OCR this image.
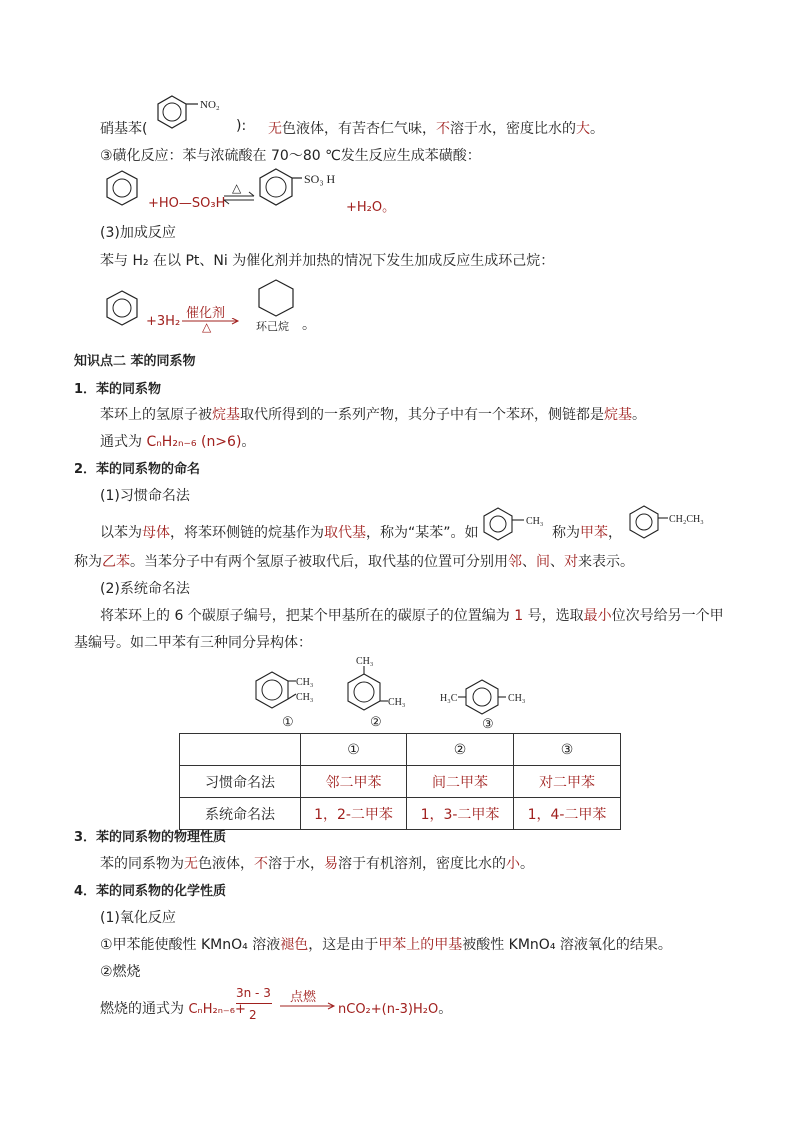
NO₂
硝基苯(	): 无色液体，有苦杏仁气味，不溶于水，密度比水的大。
③磺化反应：苯与浓硫酸在 70～80 ℃发生反应生成苯磺酸：
+HO—SO₃H
△
SO₃ H
+H₂O。
(3)加成反应
苯与 H₂ 在以 Pt、Ni 为催化剂并加热的情况下发生加成反应生成环己烷：
+3H₂
催化剂
△	环己烷 。
知识点二 苯的同系物
1．苯的同系物
苯环上的氢原子被烷基取代所得到的一系列产物，其分子中有一个苯环，侧链都是烷基。
通式为 CₙH₂ₙ₋₆ (n>6)。
2．苯的同系物的命名
(1)习惯命名法
以苯为母体，将苯环侧链的烷基作为取代基，称为“某苯”。如
CH₃
称为甲苯，
CH₂CH₃
称为乙苯。当苯分子中有两个氢原子被取代后，取代基的位置可分别用邻、间、对来表示。
(2)系统命名法
将苯环上的 6 个碳原子编号，把某个甲基所在的碳原子的位置编为 1 号，选取最小位次号给另一个甲
基编号。如二甲苯有三种同分异构体：
CH₃
CH₃
①
CH₃
CH₃
②
H₃C	CH₃
③
	①	②	③
习惯命名法	邻二甲苯	间二甲苯	对二甲苯
系统命名法	1，2-二甲苯	1，3-二甲苯	1，4-二甲苯
3．苯的同系物的物理性质
苯的同系物为无色液体，不溶于水，易溶于有机溶剂，密度比水的小。
4．苯的同系物的化学性质
(1)氧化反应
①甲苯能使酸性 KMnO₄ 溶液褪色，这是由于甲苯上的甲基被酸性 KMnO₄ 溶液氧化的结果。
②燃烧
燃烧的通式为 CₙH₂ₙ₋₆+
3n - 3
2
点燃
nCO₂+(n-3)H₂O。
